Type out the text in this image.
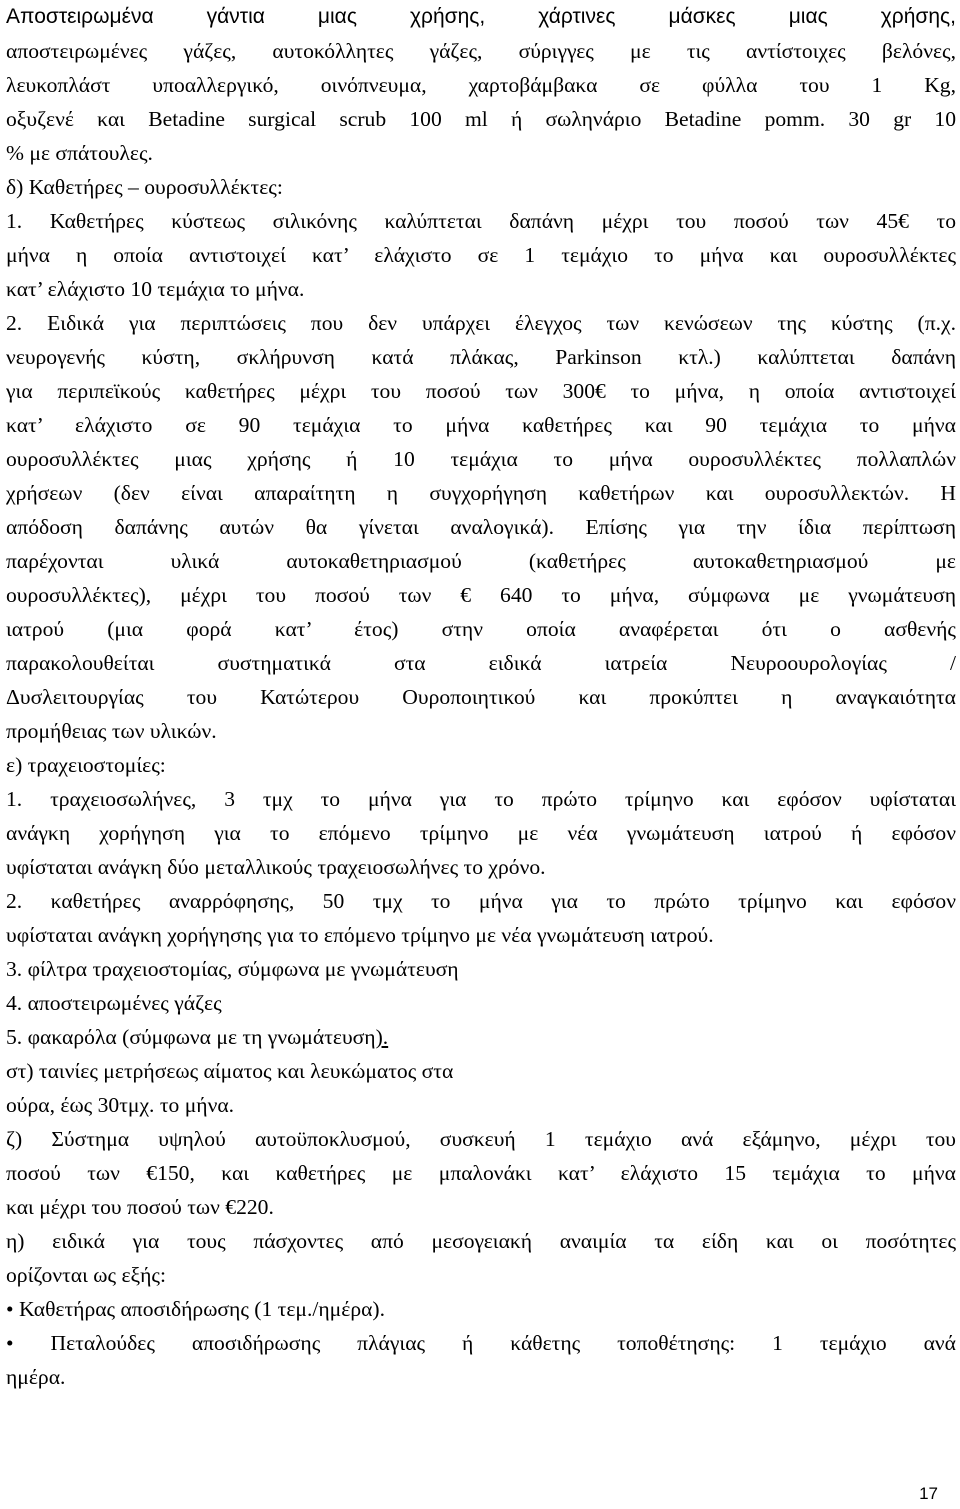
Αποστειρωμένα γάντια μιας χρήσης, χάρτινες μάσκες μιας χρήσης,
αποστειρωμένες γάζες, αυτοκόλλητες γάζες, σύριγγες με τις αντίστοιχες βελόνες,
λευκοπλάστ υποαλλεργικό, οινόπνευμα, χαρτοβάμβακα σε φύλλα του 1 Kg,
οξυζενέ και Betadine surgical scrub 100 ml ή σωληνάριο Betadine pomm. 30 gr 10
% με σπάτουλες.
δ) Καθετήρες – ουροσυλλέκτες:
1. Καθετήρες κύστεως σιλικόνης καλύπτεται δαπάνη μέχρι του ποσού των 45€ το
μήνα η οποία αντιστοιχεί κατ’ ελάχιστο σε 1 τεμάχιο το μήνα και ουροσυλλέκτες
κατ’ ελάχιστο 10 τεμάχια το μήνα.
2. Ειδικά για περιπτώσεις που δεν υπάρχει έλεγχος των κενώσεων της κύστης (π.χ.
νευρογενής κύστη, σκλήρυνση κατά πλάκας, Parkinson κτλ.) καλύπτεται δαπάνη
για περιπεϊκούς καθετήρες μέχρι του ποσού των 300€ το μήνα, η οποία αντιστοιχεί
κατ’ ελάχιστο σε 90 τεμάχια το μήνα καθετήρες και 90 τεμάχια το μήνα
ουροσυλλέκτες μιας χρήσης ή 10 τεμάχια το μήνα ουροσυλλέκτες πολλαπλών
χρήσεων (δεν είναι απαραίτητη η συγχορήγηση καθετήρων και ουροσυλλεκτών. Η
απόδοση δαπάνης αυτών θα γίνεται αναλογικά). Επίσης για την ίδια περίπτωση
παρέχονται υλικά αυτοκαθετηριασμού (καθετήρες αυτοκαθετηριασμού με
ουροσυλλέκτες), μέχρι του ποσού των € 640 το μήνα, σύμφωνα με γνωμάτευση
ιατρού (μια φορά κατ’ έτος) στην οποία αναφέρεται ότι ο ασθενής
παρακολουθείται συστηματικά στα ειδικά ιατρεία Νευροουρολογίας /
Δυσλειτουργίας του Κατώτερου Ουροποιητικού και προκύπτει η αναγκαιότητα
προμήθειας των υλικών.
ε) τραχειοστομίες:
1. τραχειοσωλήνες, 3 τμχ το μήνα για το πρώτο τρίμηνο και εφόσον υφίσταται
ανάγκη χορήγηση για το επόμενο τρίμηνο με νέα γνωμάτευση ιατρού ή εφόσον
υφίσταται ανάγκη δύο μεταλλικούς τραχειοσωλήνες το χρόνο.
2. καθετήρες αναρρόφησης, 50 τμχ το μήνα για το πρώτο τρίμηνο και εφόσον
υφίσταται ανάγκη χορήγησης για το επόμενο τρίμηνο με νέα γνωμάτευση ιατρού.
3. φίλτρα τραχειοστομίας, σύμφωνα με γνωμάτευση
4. αποστειρωμένες γάζες
5. φακαρόλα (σύμφωνα με τη γνωμάτευση).
στ) ταινίες μετρήσεως αίματος και λευκώματος στα
ούρα, έως 30τμχ. το μήνα.
ζ) Σύστημα υψηλού αυτοϋποκλυσμού, συσκευή 1 τεμάχιο ανά εξάμηνο, μέχρι του
ποσού των €150, και καθετήρες με μπαλονάκι κατ’ ελάχιστο 15 τεμάχια το μήνα
και μέχρι του ποσού των €220.
η) ειδικά για τους πάσχοντες από μεσογειακή αναιμία τα είδη και οι ποσότητες
ορίζονται ως εξής:
• Καθετήρας αποσιδήρωσης (1 τεμ./ημέρα).
• Πεταλούδες αποσιδήρωσης πλάγιας ή κάθετης τοποθέτησης: 1 τεμάχιο ανά
ημέρα.
17
